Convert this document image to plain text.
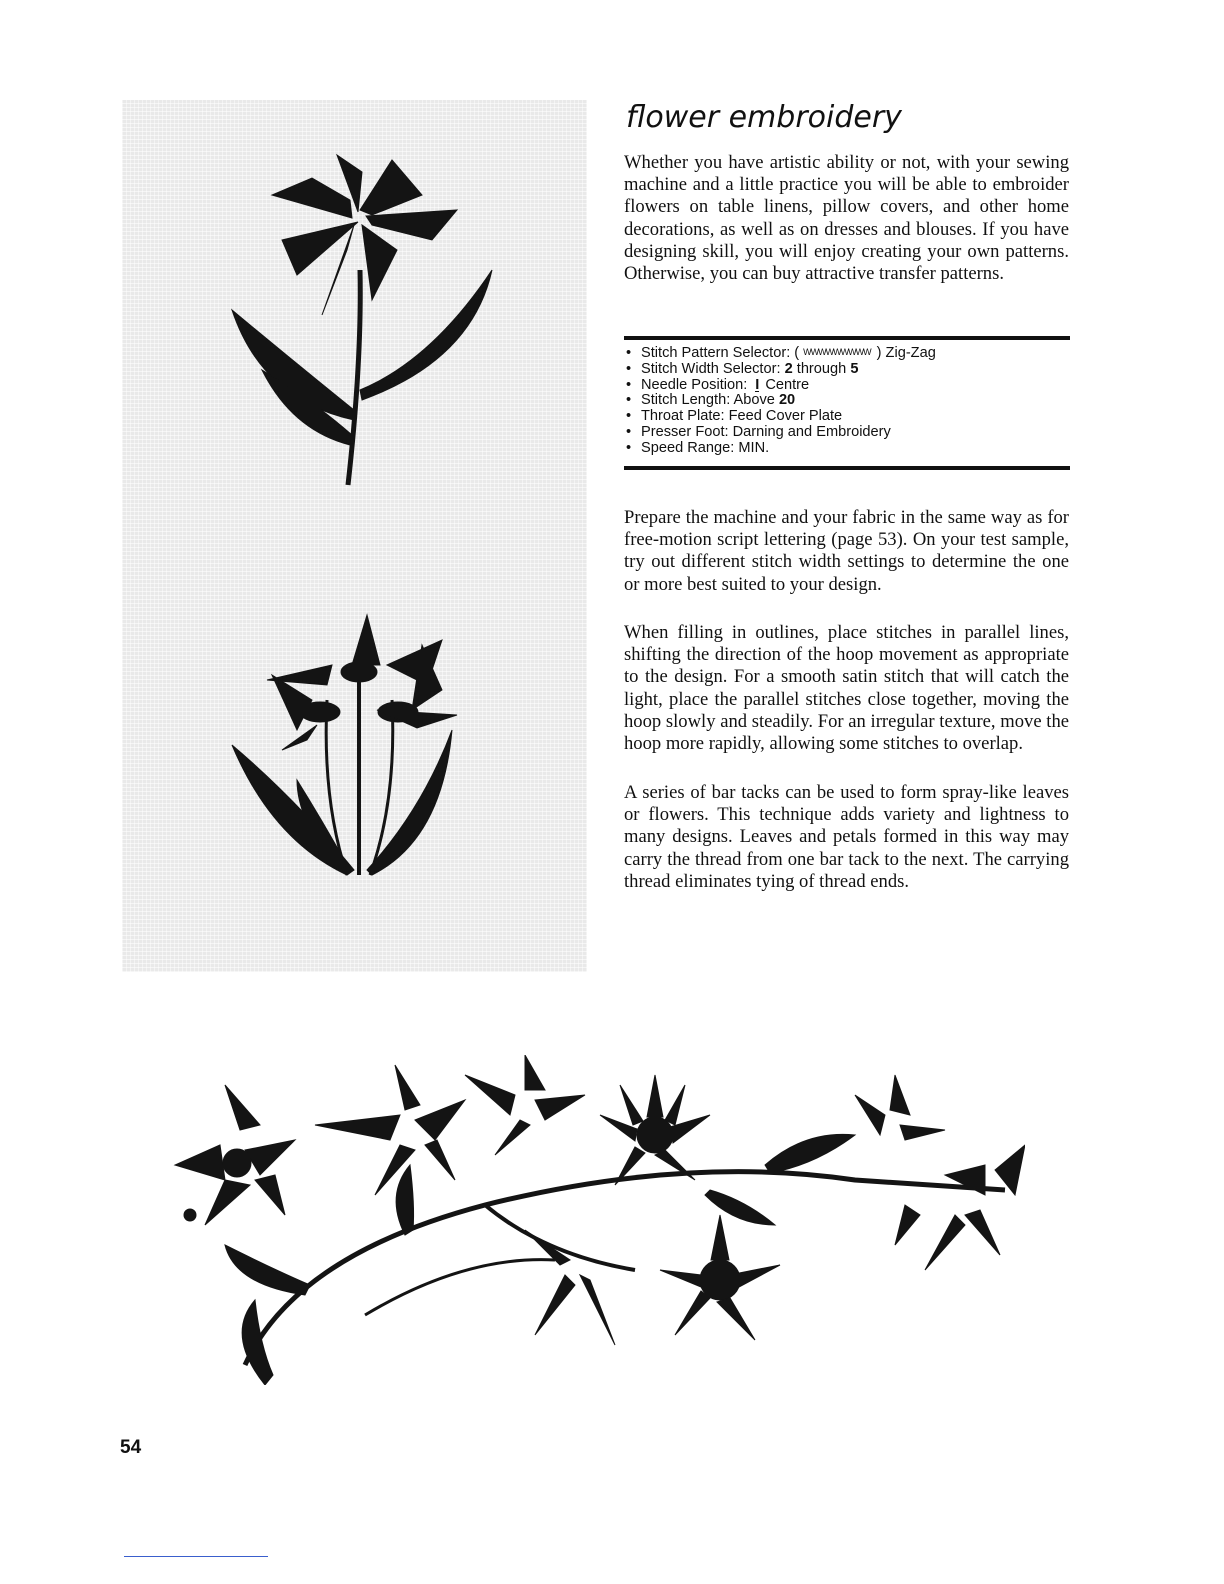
flower embroidery

Whether you have artistic ability or not, with your sewing machine and a little practice you will be able to embroider flowers on table linens, pillow covers, and other home decorations, as well as on dresses and blouses. If you have designing skill, you will enjoy creating your own patterns. Otherwise, you can buy attractive transfer patterns.

• Stitch Pattern Selector: ( WWWWWWWWW ) Zig-Zag
• Stitch Width Selector: 2 through 5
• Needle Position: I Centre
• Stitch Length: Above 20
• Throat Plate: Feed Cover Plate
• Presser Foot: Darning and Embroidery
• Speed Range: MIN.

Prepare the machine and your fabric in the same way as for free-motion script lettering (page 53). On your test sample, try out different stitch width settings to determine the one or more best suited to your design.

When filling in outlines, place stitches in parallel lines, shifting the direction of the hoop movement as appropriate to the design. For a smooth satin stitch that will catch the light, place the parallel stitches close together, moving the hoop slowly and steadily. For an irregular texture, move the hoop more rapidly, allowing some stitches to overlap.

A series of bar tacks can be used to form spray-like leaves or flowers. This technique adds variety and lightness to many designs. Leaves and petals formed in this way may carry the thread from one bar tack to the next. The carrying thread eliminates tying of thread ends.

54
